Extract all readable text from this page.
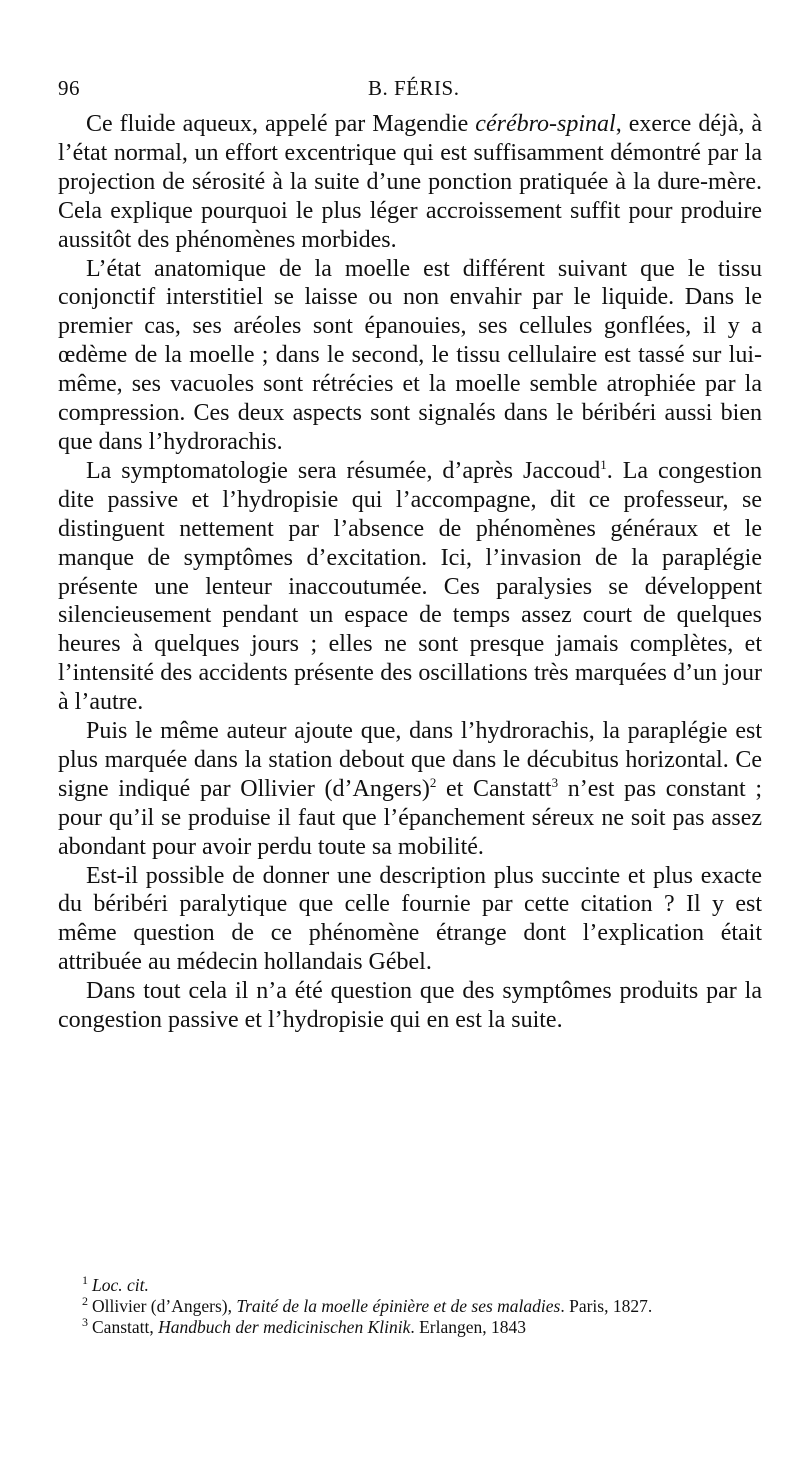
96	B. FÉRIS.

Ce fluide aqueux, appelé par Magendie cérébro-spinal, exerce déjà, à l’état normal, un effort excentrique qui est suffisamment démontré par la projection de sérosité à la suite d’une ponction pratiquée à la dure-mère. Cela explique pourquoi le plus léger accroissement suffit pour produire aussitôt des phénomènes morbides.

L’état anatomique de la moelle est différent suivant que le tissu conjonctif interstitiel se laisse ou non envahir par le liquide. Dans le premier cas, ses aréoles sont épanouies, ses cellules gonflées, il y a œdème de la moelle ; dans le second, le tissu cellulaire est tassé sur lui-même, ses vacuoles sont rétrécies et la moelle semble atrophiée par la compression. Ces deux aspects sont signalés dans le béribéri aussi bien que dans l’hydrorachis.

La symptomatologie sera résumée, d’après Jaccoud$^1$. La congestion dite passive et l’hydropisie qui l’accompagne, dit ce professeur, se distinguent nettement par l’absence de phénomènes généraux et le manque de symptômes d’excitation. Ici, l’invasion de la paraplégie présente une lenteur inaccoutumée. Ces paralysies se développent silencieusement pendant un espace de temps assez court de quelques heures à quelques jours ; elles ne sont presque jamais complètes, et l’intensité des accidents présente des oscillations très marquées d’un jour à l’autre.

Puis le même auteur ajoute que, dans l’hydrorachis, la paraplégie est plus marquée dans la station debout que dans le décubitus horizontal. Ce signe indiqué par Ollivier (d’Angers)$^2$ et Canstatt$^3$ n’est pas constant ; pour qu’il se produise il faut que l’épanchement séreux ne soit pas assez abondant pour avoir perdu toute sa mobilité.

Est-il possible de donner une description plus succinte et plus exacte du béribéri paralytique que celle fournie par cette citation ? Il y est même question de ce phénomène étrange dont l’explication était attribuée au médecin hollandais Gébel.

Dans tout cela il n’a été question que des symptômes produits par la congestion passive et l’hydropisie qui en est la suite.

$^1$ Loc. cit.

$^2$ Ollivier (d’Angers), Traité de la moelle épinière et de ses maladies. Paris, 1827.

$^3$ Canstatt, Handbuch der medicinischen Klinik. Erlangen, 1843
